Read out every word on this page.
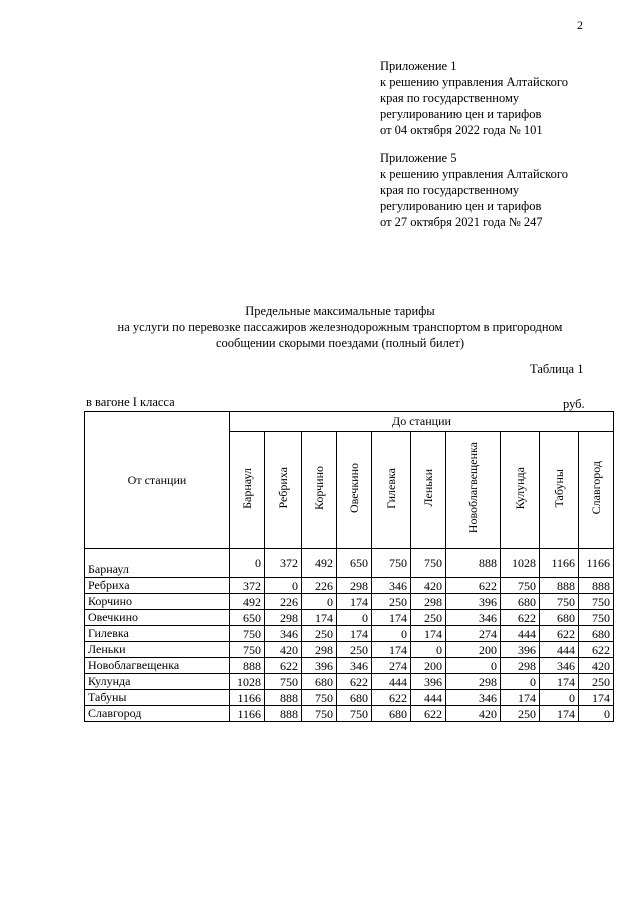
2
Приложение 1
к решению управления Алтайского
края по государственному
регулированию цен и тарифов
от 04 октября 2022 года № 101
Приложение 5
к решению управления Алтайского
края по государственному
регулированию цен и тарифов
от 27 октября 2021 года № 247
Предельные максимальные тарифы
на услуги по перевозке пассажиров железнодорожным транспортом в пригородном
сообщении скорыми поездами (полный билет)
Таблица 1
в вагоне I класса	руб.
От станции	До станции									
	Барнаул	Ребриха	Корчино	Овечкино	Гилевка	Леньки	Новоблагвещенка	Кулунда	Табуны	Славгород
Барнаул	0	372	492	650	750	750	888	1028	1166	1166
Ребриха	372	0	226	298	346	420	622	750	888	888
Корчино	492	226	0	174	250	298	396	680	750	750
Овечкино	650	298	174	0	174	250	346	622	680	750
Гилевка	750	346	250	174	0	174	274	444	622	680
Леньки	750	420	298	250	174	0	200	396	444	622
Новоблагвещенка	888	622	396	346	274	200	0	298	346	420
Кулунда	1028	750	680	622	444	396	298	0	174	250
Табуны	1166	888	750	680	622	444	346	174	0	174
Славгород	1166	888	750	750	680	622	420	250	174	0
